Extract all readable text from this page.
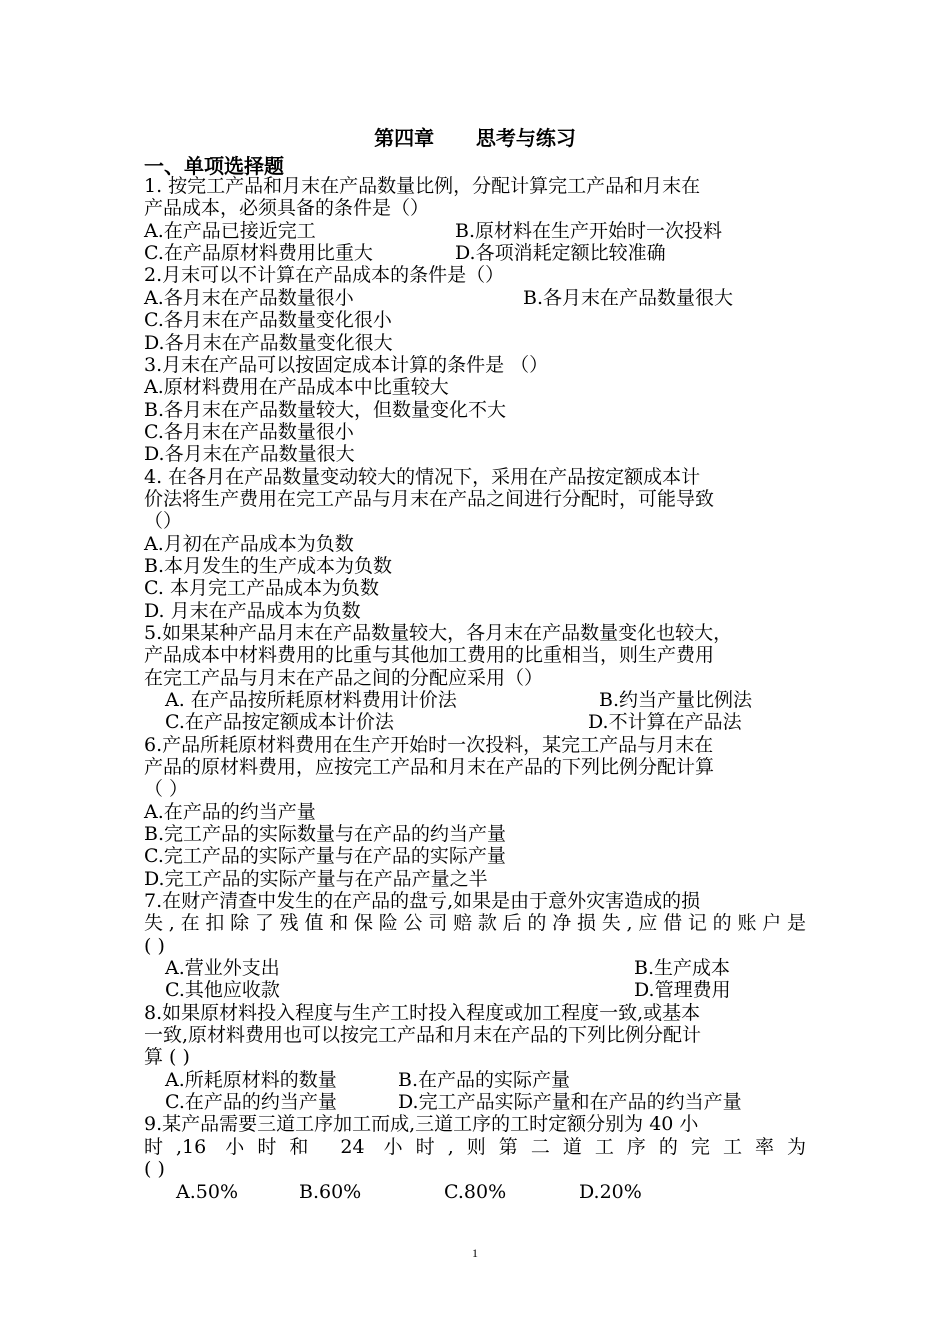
第四章      思考与练习
一、单项选择题
1. 按完工产品和月末在产品数量比例，分配计算完工产品和月末在
产品成本，必须具备的条件是（）
A.在产品已接近完工	B.原材料在生产开始时一次投料
C.在产品原材料费用比重大	D.各项消耗定额比较准确
2.月末可以不计算在产品成本的条件是（）
A.各月末在产品数量很小	B.各月末在产品数量很大
C.各月末在产品数量变化很小
D.各月末在产品数量变化很大
3.月末在产品可以按固定成本计算的条件是 （）
A.原材料费用在产品成本中比重较大
B.各月末在产品数量较大，但数量变化不大
C.各月末在产品数量很小
D.各月末在产品数量很大
4. 在各月在产品数量变动较大的情况下，采用在产品按定额成本计
价法将生产费用在完工产品与月末在产品之间进行分配时，可能导致
（）
A.月初在产品成本为负数
B.本月发生的生产成本为负数
C. 本月完工产品成本为负数
D. 月末在产品成本为负数
5.如果某种产品月末在产品数量较大，各月末在产品数量变化也较大，
产品成本中材料费用的比重与其他加工费用的比重相当，则生产费用
在完工产品与月末在产品之间的分配应采用（）
A. 在产品按所耗原材料费用计价法	B.约当产量比例法
C.在产品按定额成本计价法	D.不计算在产品法
6.产品所耗原材料费用在生产开始时一次投料，某完工产品与月末在
产品的原材料费用，应按完工产品和月末在产品的下列比例分配计算
（ ）
A.在产品的约当产量
B.完工产品的实际数量与在产品的约当产量
C.完工产品的实际产量与在产品的实际产量
D.完工产品的实际产量与在产品产量之半
7.在财产清查中发生的在产品的盘亏,如果是由于意外灾害造成的损
失,在扣除了残值和保险公司赔款后的净损失,应借记的账户是
( )
A.营业外支出	B.生产成本
C.其他应收款	D.管理费用
8.如果原材料投入程度与生产工时投入程度或加工程度一致,或基本
一致,原材料费用也可以按完工产品和月末在产品的下列比例分配计
算 ( )
A.所耗原材料的数量	B.在产品的实际产量
C.在产品的约当产量	D.完工产品实际产量和在产品的约当产量
9.某产品需要三道工序加工而成,三道工序的工时定额分别为 40 小
时,16 小时和 24 小时,则第二道工序的完工率为
( )
A.50%	B.60%	C.80%	D.20%
1
